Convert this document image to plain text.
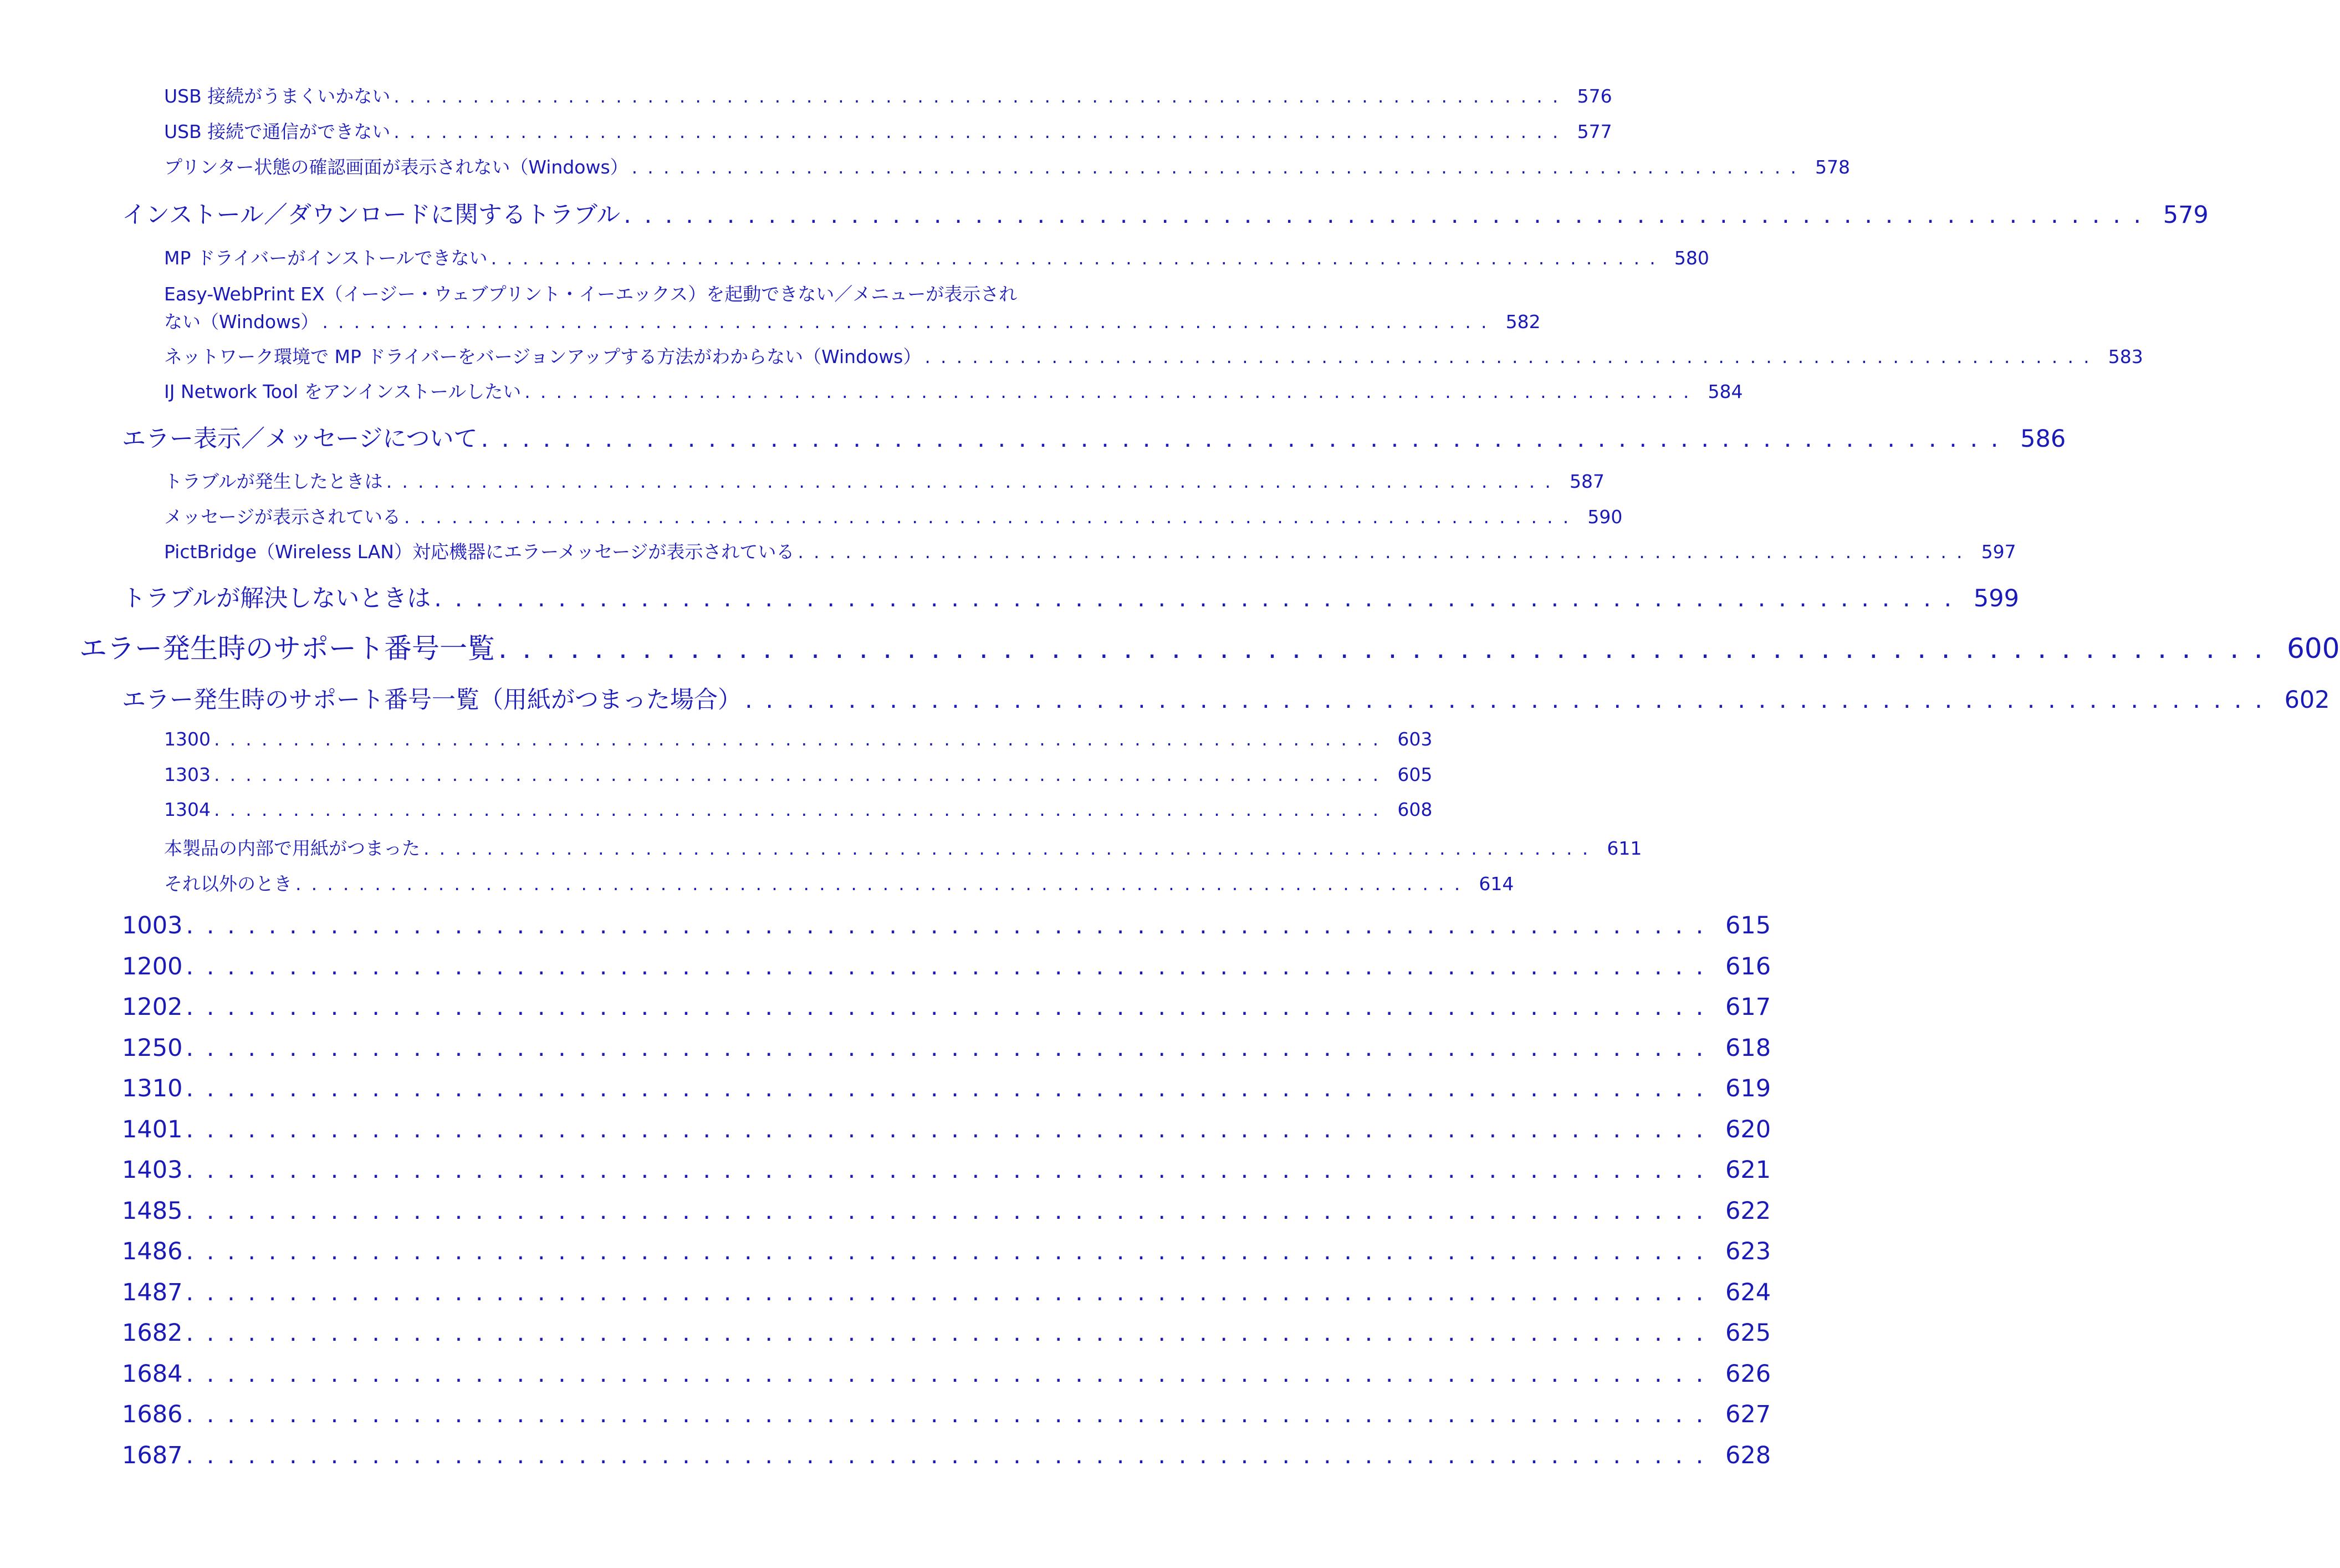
USB 接続がうまくいかない .......................................................................... 576
USB 接続で通信ができない .......................................................................... 577
プリンター状態の確認画面が表示されない（Windows） .......................................................................... 578
インストール／ダウンロードに関するトラブル .......................................................................... 579
MP ドライバーがインストールできない .......................................................................... 580
Easy-WebPrint EX（イージー・ウェブプリント・イーエックス）を起動できない／メニューが表示され
ない（Windows） .......................................................................... 582
ネットワーク環境で MP ドライバーをバージョンアップする方法がわからない（Windows） .......................................................................... 583
IJ Network Tool をアンインストールしたい .......................................................................... 584
エラー表示／メッセージについて .......................................................................... 586
トラブルが発生したときは .......................................................................... 587
メッセージが表示されている .......................................................................... 590
PictBridge（Wireless LAN）対応機器にエラーメッセージが表示されている .......................................................................... 597
トラブルが解決しないときは .......................................................................... 599
エラー発生時のサポート番号一覧 .......................................................................... 600
エラー発生時のサポート番号一覧（用紙がつまった場合） .......................................................................... 602
1300 .......................................................................... 603
1303 .......................................................................... 605
1304 .......................................................................... 608
本製品の内部で用紙がつまった .......................................................................... 611
それ以外のとき .......................................................................... 614
1003 .......................................................................... 615
1200 .......................................................................... 616
1202 .......................................................................... 617
1250 .......................................................................... 618
1310 .......................................................................... 619
1401 .......................................................................... 620
1403 .......................................................................... 621
1485 .......................................................................... 622
1486 .......................................................................... 623
1487 .......................................................................... 624
1682 .......................................................................... 625
1684 .......................................................................... 626
1686 .......................................................................... 627
1687 .......................................................................... 628
